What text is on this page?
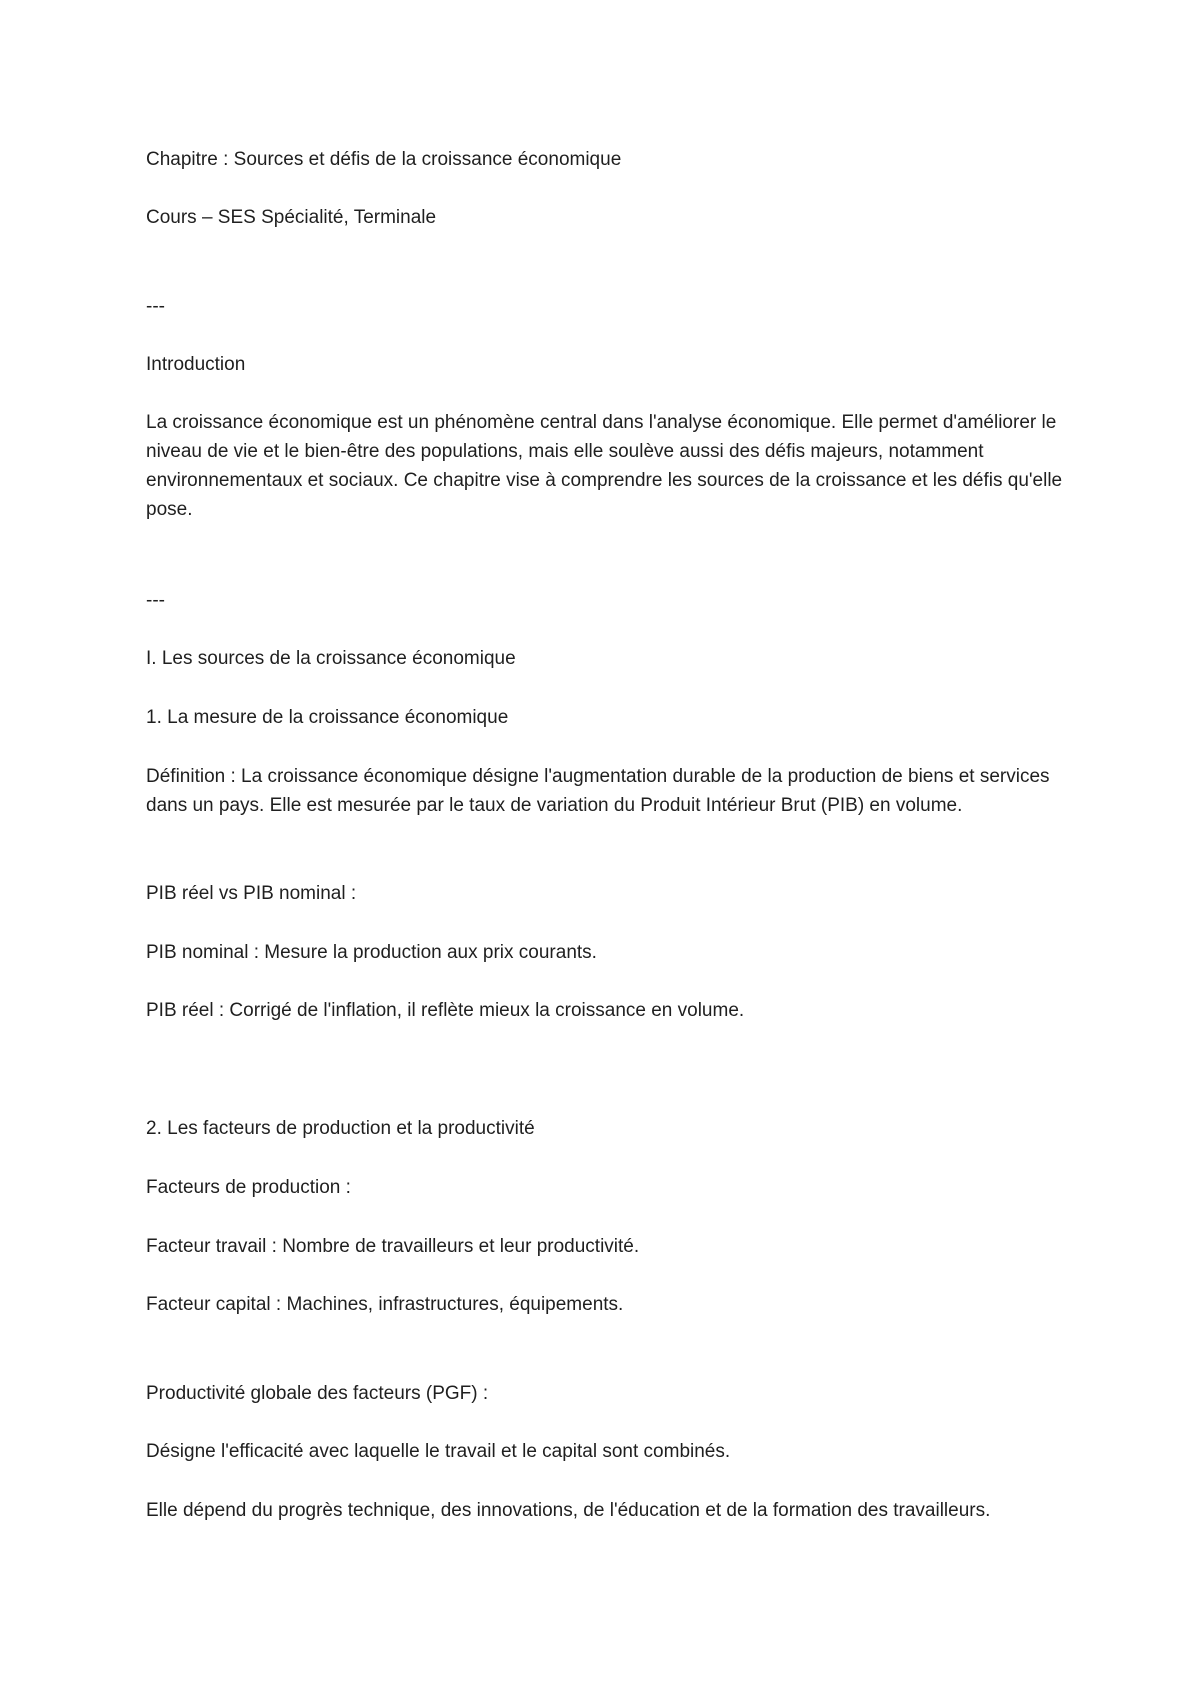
Chapitre : Sources et défis de la croissance économique

Cours – SES Spécialité, Terminale

---

Introduction

La croissance économique est un phénomène central dans l'analyse économique. Elle permet d'améliorer le niveau de vie et le bien-être des populations, mais elle soulève aussi des défis majeurs, notamment environnementaux et sociaux. Ce chapitre vise à comprendre les sources de la croissance et les défis qu'elle pose.

---

I. Les sources de la croissance économique

1. La mesure de la croissance économique

Définition : La croissance économique désigne l'augmentation durable de la production de biens et services dans un pays. Elle est mesurée par le taux de variation du Produit Intérieur Brut (PIB) en volume.

PIB réel vs PIB nominal :

PIB nominal : Mesure la production aux prix courants.

PIB réel : Corrigé de l'inflation, il reflète mieux la croissance en volume.

2. Les facteurs de production et la productivité

Facteurs de production :

Facteur travail : Nombre de travailleurs et leur productivité.

Facteur capital : Machines, infrastructures, équipements.

Productivité globale des facteurs (PGF) :

Désigne l'efficacité avec laquelle le travail et le capital sont combinés.

Elle dépend du progrès technique, des innovations, de l'éducation et de la formation des travailleurs.
